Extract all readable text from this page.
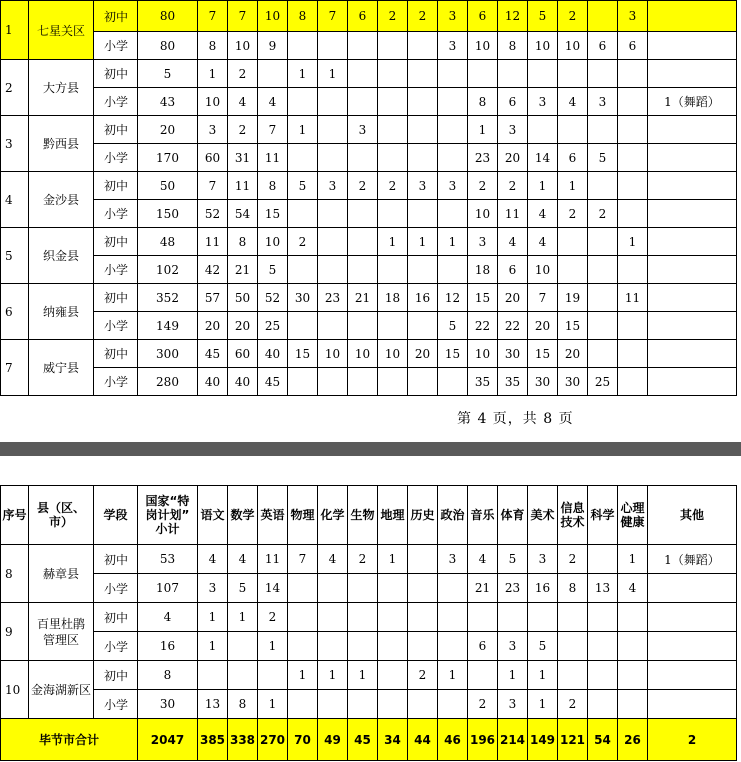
1	七星关区	初中	80	7	7	10	8	7	6	2	2	3	6	12	5	2		3	
		小学	80	8	10	9						3	10	8	10	10	6	6	
2	大方县	初中	5	1	2		1	1											
		小学	43	10	4	4							8	6	3	4	3		1（舞蹈）
3	黔西县	初中	20	3	2	7	1		3				1	3					
		小学	170	60	31	11							23	20	14	6	5		
4	金沙县	初中	50	7	11	8	5	3	2	2	3	3	2	2	1	1			
		小学	150	52	54	15							10	11	4	2	2		
5	织金县	初中	48	11	8	10	2			1	1	1	3	4	4			1	
		小学	102	42	21	5							18	6	10				
6	纳雍县	初中	352	57	50	52	30	23	21	18	16	12	15	20	7	19		11	
		小学	149	20	20	25						5	22	22	20	15			
7	威宁县	初中	300	45	60	40	15	10	10	10	20	15	10	30	15	20			
		小学	280	40	40	45							35	35	30	30	25		
第 4 页，共 8 页
序号	县（区、
市）	学段	国家“特
岗计划”
小计	语文	数学	英语	物理	化学	生物	地理	历史	政治	音乐	体育	美术	信息
技术	科学	心理
健康	其他
8	赫章县	初中	53	4	4	11	7	4	2	1		3	4	5	3	2		1	1（舞蹈）
		小学	107	3	5	14							21	23	16	8	13	4	
9	百里杜鹃
管理区	初中	4	1	1	2													
		小学	16	1		1							6	3	5				
10	金海湖新区	初中	8				1	1	1		2	1		1	1				
		小学	30	13	8	1							2	3	1	2			
毕节市合计			2047	385	338	270	70	49	45	34	44	46	196	214	149	121	54	26	2
